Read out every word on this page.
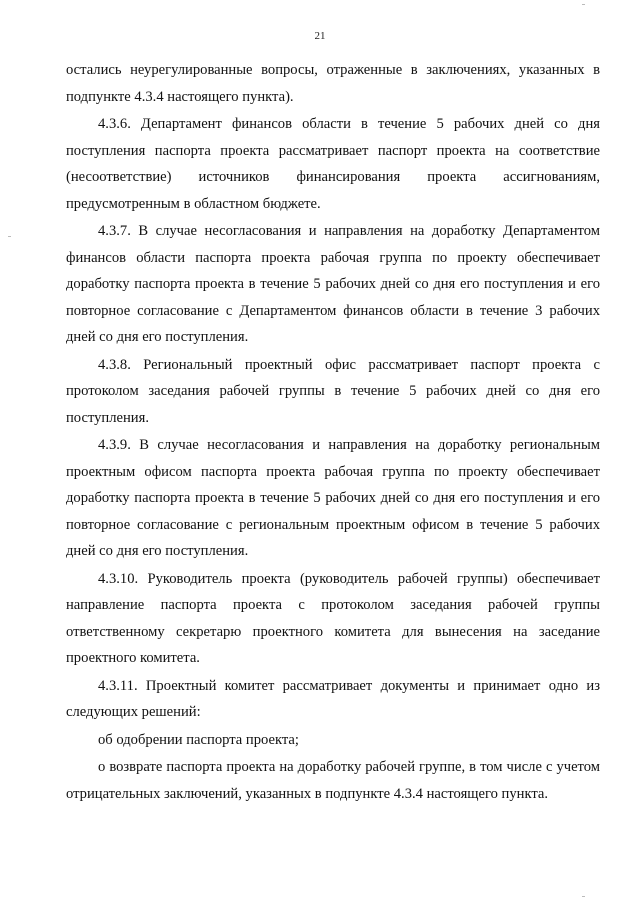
21

остались неурегулированные вопросы, отраженные в заключениях, указанных в подпункте 4.3.4 настоящего пункта).

4.3.6. Департамент финансов области в течение 5 рабочих дней со дня поступления паспорта проекта рассматривает паспорт проекта на соответствие (несоответствие) источников финансирования проекта ассигнованиям, предусмотренным в областном бюджете.

4.3.7. В случае несогласования и направления на доработку Департаментом финансов области паспорта проекта рабочая группа по проекту обеспечивает доработку паспорта проекта в течение 5 рабочих дней со дня его поступления и его повторное согласование с Департаментом финансов области в течение 3 рабочих дней со дня его поступления.

4.3.8. Региональный проектный офис рассматривает паспорт проекта с протоколом заседания рабочей группы в течение 5 рабочих дней со дня его поступления.

4.3.9. В случае несогласования и направления на доработку региональным проектным офисом паспорта проекта рабочая группа по проекту обеспечивает доработку паспорта проекта в течение 5 рабочих дней со дня его поступления и его повторное согласование с региональным проектным офисом в течение 5 рабочих дней со дня его поступления.

4.3.10. Руководитель проекта (руководитель рабочей группы) обеспечивает направление паспорта проекта с протоколом заседания рабочей группы ответственному секретарю проектного комитета для вынесения на заседание проектного комитета.

4.3.11. Проектный комитет рассматривает документы и принимает одно из следующих решений:

об одобрении паспорта проекта;

о возврате паспорта проекта на доработку рабочей группе, в том числе с учетом отрицательных заключений, указанных в подпункте 4.3.4 настоящего пункта.
